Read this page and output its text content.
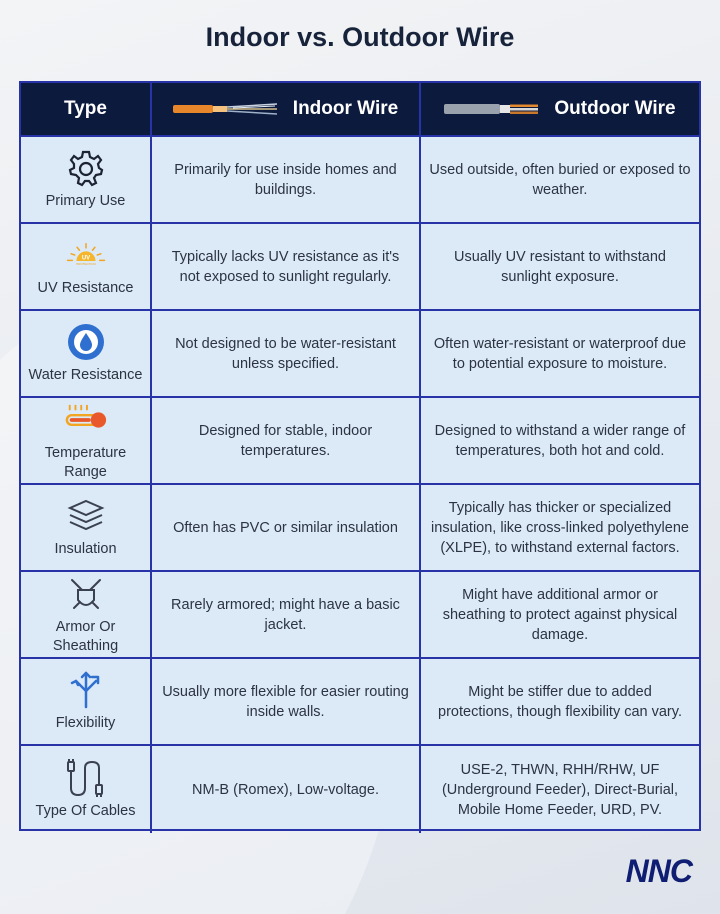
Indoor vs. Outdoor Wire
Type	Indoor Wire	Outdoor Wire
Primary Use
Primarily for use inside homes and buildings.
Used outside, often buried or exposed to weather.
UV
PROTECTION
UV Resistance
Typically lacks UV resistance as it's not exposed to sunlight regularly.
Usually UV resistant to withstand sunlight exposure.
Water Resistance
Not designed to be water-resistant unless specified.
Often water-resistant or waterproof due to potential exposure to moisture.
Temperature Range
Designed for stable, indoor temperatures.
Designed to withstand a wider range of temperatures, both hot and cold.
Insulation
Often has PVC or similar insulation
Typically has thicker or specialized insulation, like cross-linked polyethylene (XLPE), to withstand external factors.
Armor Or Sheathing
Rarely armored; might have a basic jacket.
Might have additional armor or sheathing to protect against physical damage.
Flexibility
Usually more flexible for easier routing inside walls.
Might be stiffer due to added protections, though flexibility can vary.
Type Of Cables
NM-B (Romex), Low-voltage.
USE-2, THWN, RHH/RHW, UF (Underground Feeder), Direct-Burial, Mobile Home Feeder, URD, PV.
NNC
